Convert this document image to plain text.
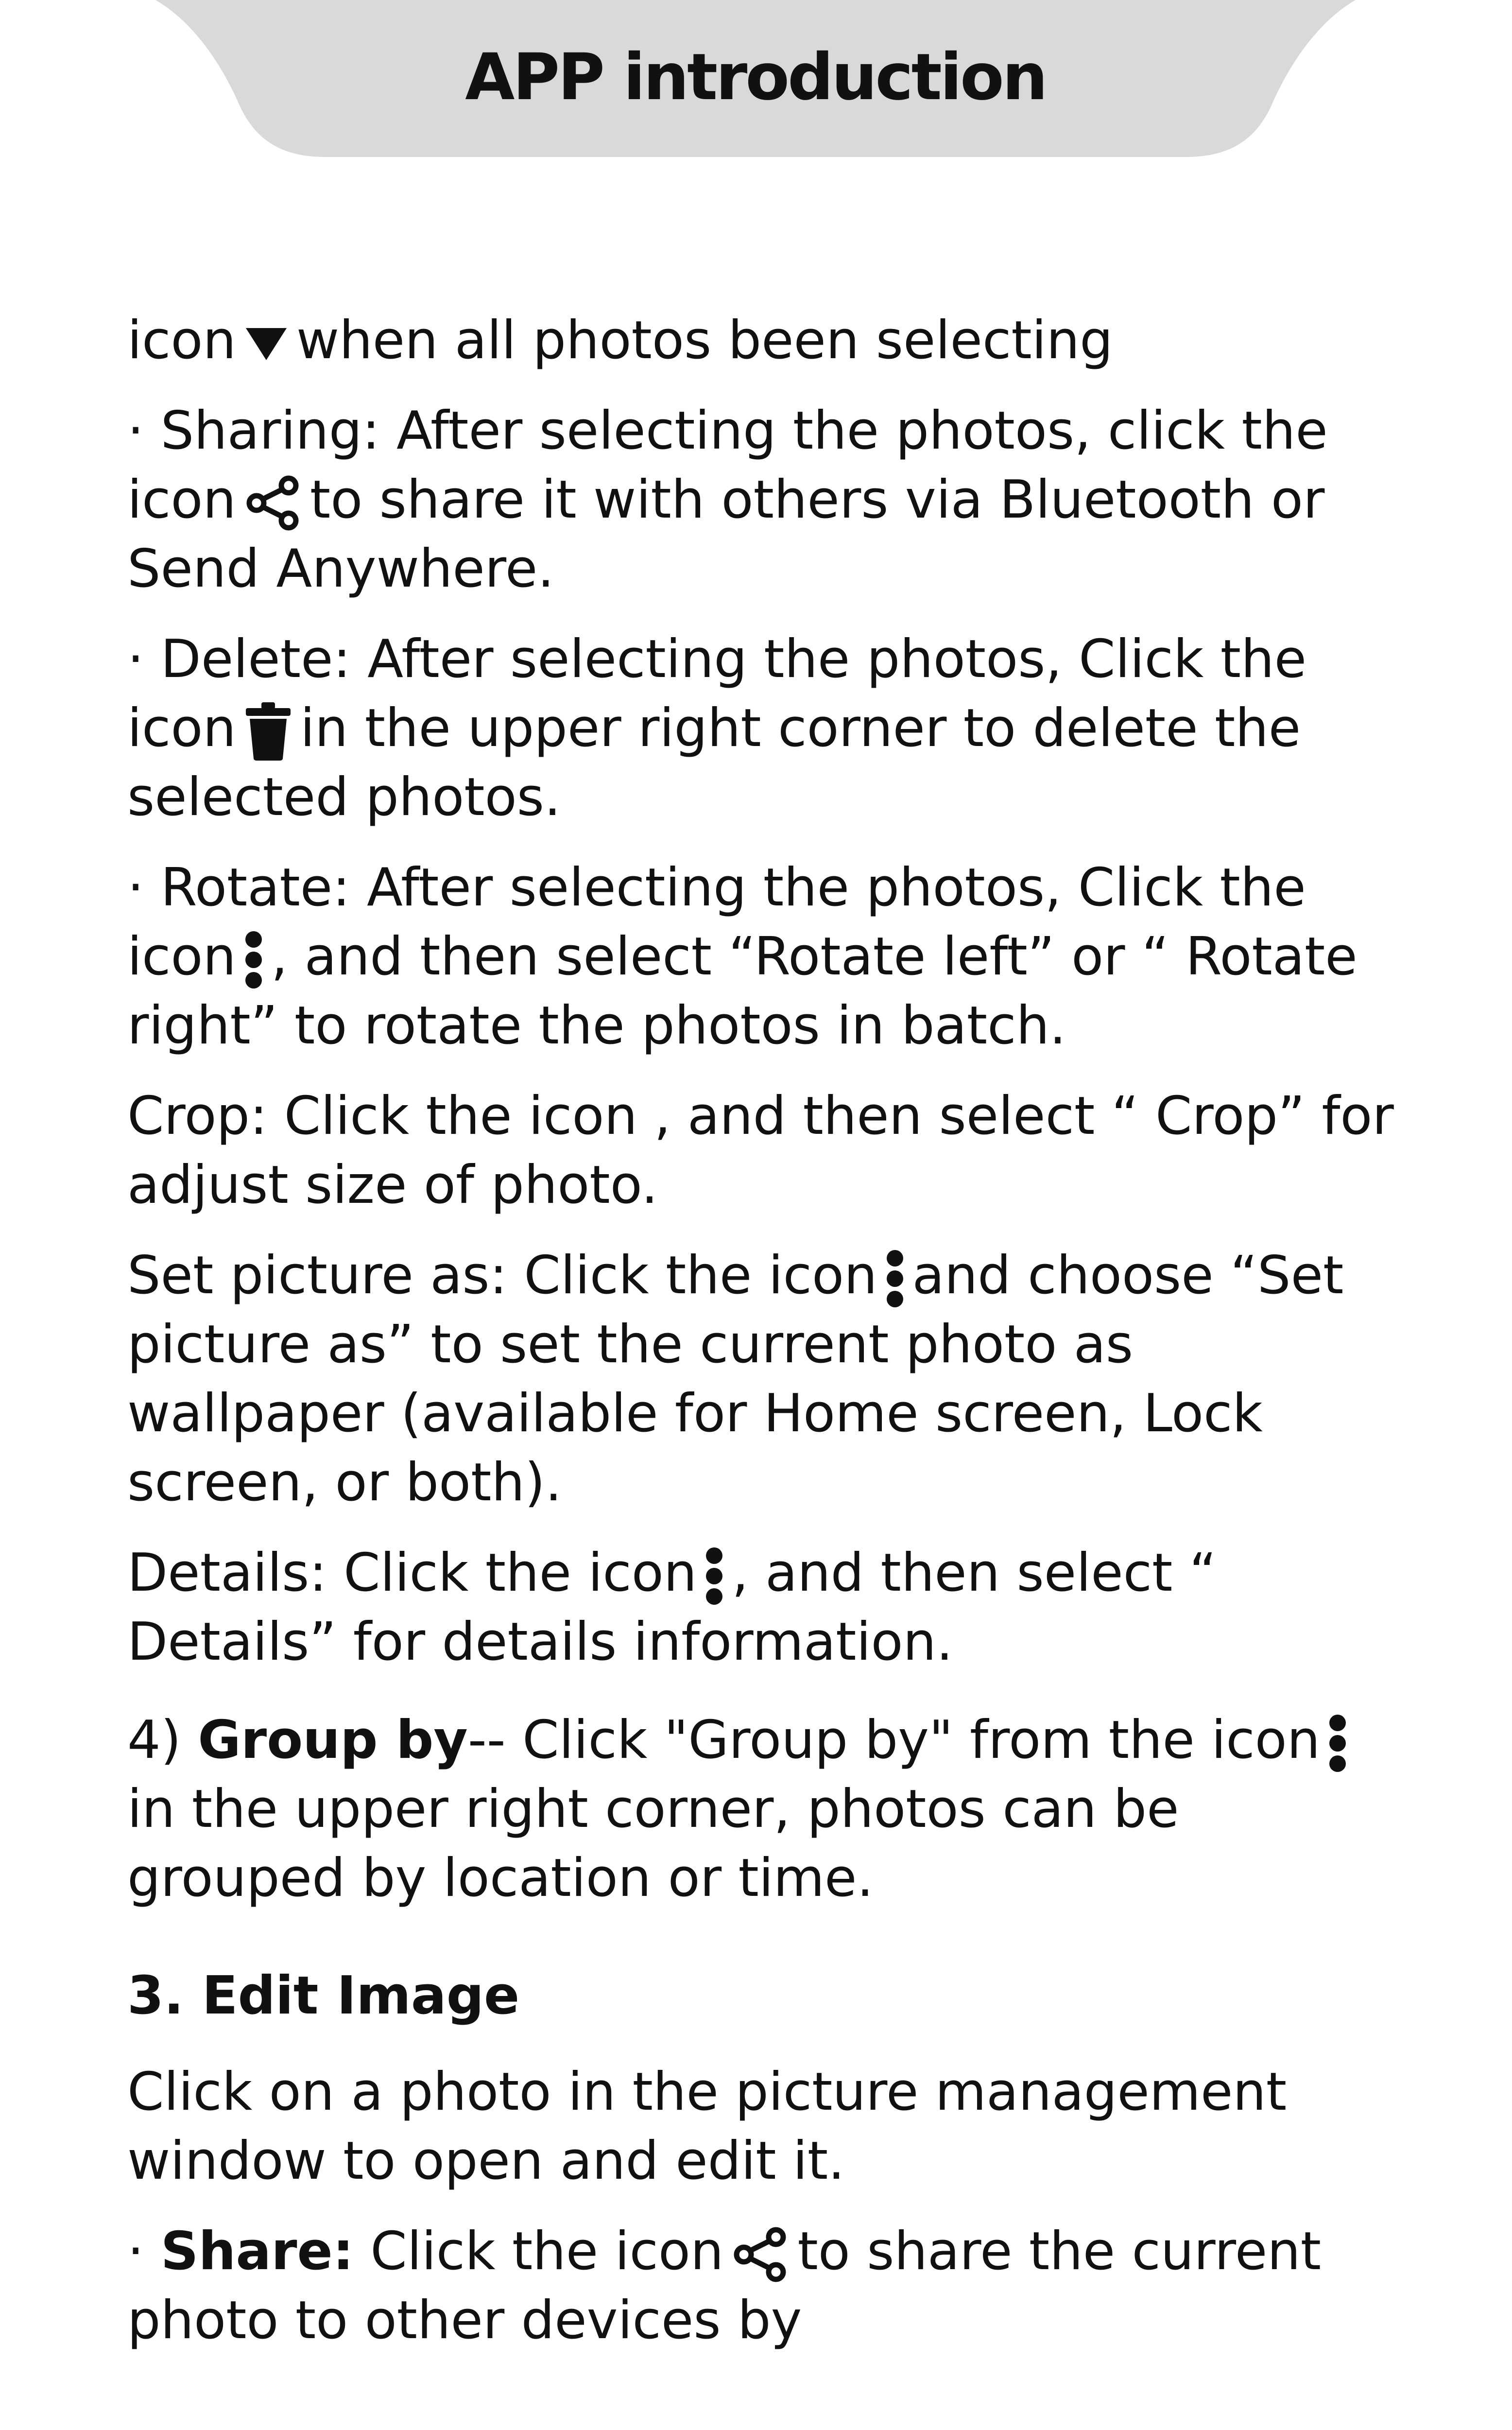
APP introduction

icon when all photos been selecting

· Sharing: After selecting the photos, click the icon to share it with others via Bluetooth or Send Anywhere.

· Delete: After selecting the photos, Click the icon in the upper right corner to delete the selected photos.

· Rotate: After selecting the photos, Click the icon , and then select “Rotate left” or “ Rotate right” to rotate the photos in batch.

Crop: Click the icon , and then select “ Crop” for adjust size of photo.

Set picture as: Click the icon and choose “Set picture as” to set the current photo as wallpaper (available for Home screen, Lock screen, or both).

Details: Click the icon , and then select “ Details” for details information.

4) Group by-- Click "Group by" from the icon
in the upper right corner, photos can be grouped by location or time.

3. Edit Image

Click on a photo in the picture management window to open and edit it.

· Share: Click the icon to share the current photo to other devices by
